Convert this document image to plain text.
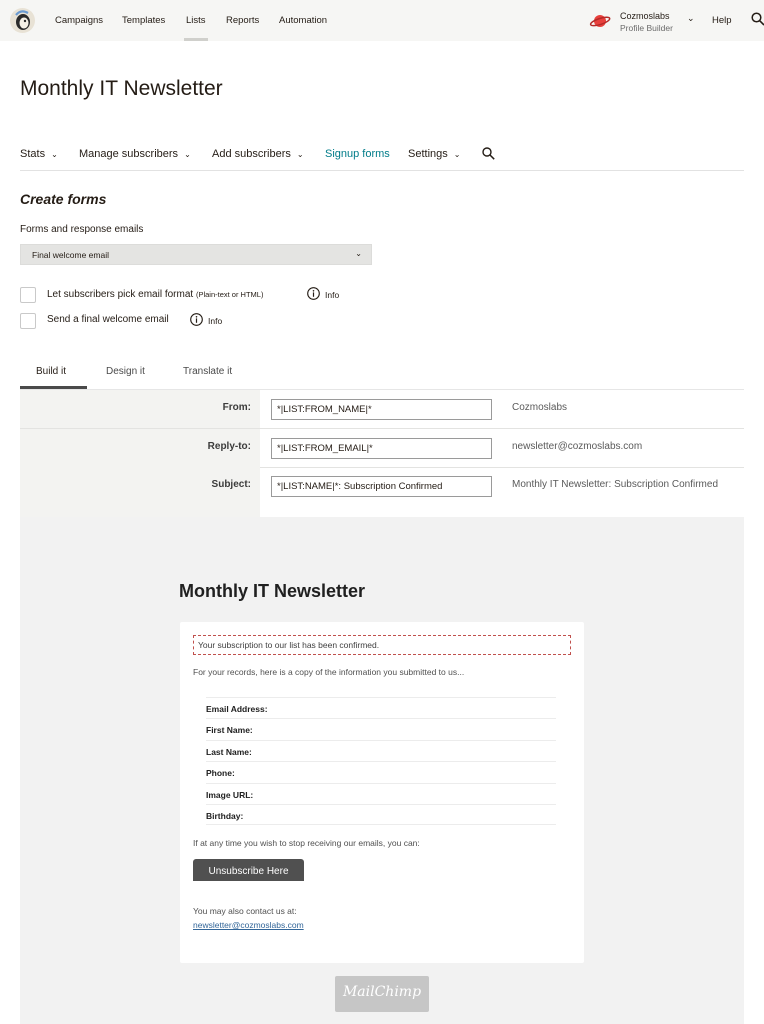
Campaigns Templates Lists Reports Automation	Cozmoslabs
Profile Builder
⌄ Help
Monthly IT Newsletter
Stats ⌄ Manage subscribers ⌄ Add subscribers ⌄ Signup forms Settings ⌄
Create forms
Forms and response emails
Final welcome email	⌄
Let subscribers pick email format (Plain-text or HTML)	Info
Send a final welcome email	Info
Build it	Design it	Translate it
From:
*|LIST:FROM_NAME|*	Cozmoslabs
Reply-to:
*|LIST:FROM_EMAIL|*	newsletter@cozmoslabs.com
Subject:
*|LIST:NAME|*: Subscription Confirmed	Monthly IT Newsletter: Subscription Confirmed
Monthly IT Newsletter
Your subscription to our list has been confirmed.
For your records, here is a copy of the information you submitted to us...
Email Address:
First Name:
Last Name:
Phone:
Image URL:
Birthday:
If at any time you wish to stop receiving our emails, you can:
Unsubscribe Here
You may also contact us at:
newsletter@cozmoslabs.com
MailChimp
